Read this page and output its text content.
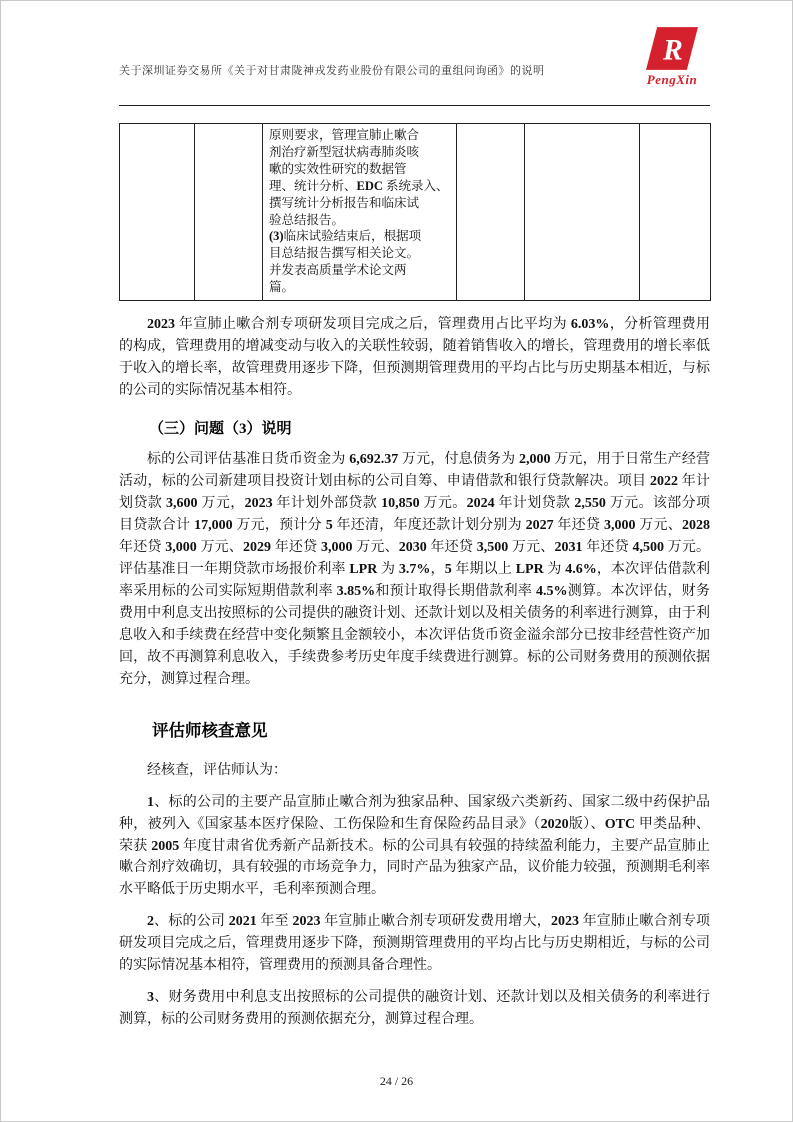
关于深圳证券交易所《关于对甘肃陇神戎发药业股份有限公司的重组问询函》的说明
R
PengXin

原则要求，管理宣肺止嗽合
剂治疗新型冠状病毒肺炎咳
嗽的实效性研究的数据管
理、统计分析、EDC 系统录入、
撰写统计分析报告和临床试
验总结报告。
(3)临床试验结束后，根据项
目总结报告撰写相关论文。
并发表高质量学术论文两
篇。

2023 年宣肺止嗽合剂专项研发项目完成之后，管理费用占比平均为 6.03%，分析管理费用的构成，管理费用的增减变动与收入的关联性较弱，随着销售收入的增长，管理费用的增长率低于收入的增长率，故管理费用逐步下降，但预测期管理费用的平均占比与历史期基本相近，与标的公司的实际情况基本相符。

（三）问题（3）说明

标的公司评估基准日货币资金为 6,692.37 万元，付息债务为 2,000 万元，用于日常生产经营活动，标的公司新建项目投资计划由标的公司自筹、申请借款和银行贷款解决。项目 2022 年计划贷款 3,600 万元，2023 年计划外部贷款 10,850 万元。2024 年计划贷款 2,550 万元。该部分项目贷款合计 17,000 万元，预计分 5 年还清，年度还款计划分别为 2027 年还贷 3,000 万元、2028 年还贷 3,000 万元、2029 年还贷 3,000 万元、2030 年还贷 3,500 万元、2031 年还贷 4,500 万元。评估基准日一年期贷款市场报价利率 LPR 为 3.7%，5 年期以上 LPR 为 4.6%，本次评估借款利率采用标的公司实际短期借款利率 3.85%和预计取得长期借款利率 4.5%测算。本次评估，财务费用中利息支出按照标的公司提供的融资计划、还款计划以及相关债务的利率进行测算，由于利息收入和手续费在经营中变化频繁且金额较小，本次评估货币资金溢余部分已按非经营性资产加回，故不再测算利息收入，手续费参考历史年度手续费进行测算。标的公司财务费用的预测依据充分，测算过程合理。

评估师核查意见

经核查，评估师认为：

1、标的公司的主要产品宣肺止嗽合剂为独家品种、国家级六类新药、国家二级中药保护品种，被列入《国家基本医疗保险、工伤保险和生育保险药品目录》（2020版）、OTC 甲类品种、荣获 2005 年度甘肃省优秀新产品新技术。标的公司具有较强的持续盈利能力，主要产品宣肺止嗽合剂疗效确切，具有较强的市场竞争力，同时产品为独家产品，议价能力较强，预测期毛利率水平略低于历史期水平，毛利率预测合理。

2、标的公司 2021 年至 2023 年宣肺止嗽合剂专项研发费用增大，2023 年宣肺止嗽合剂专项研发项目完成之后，管理费用逐步下降，预测期管理费用的平均占比与历史期相近，与标的公司的实际情况基本相符，管理费用的预测具备合理性。

3、财务费用中利息支出按照标的公司提供的融资计划、还款计划以及相关债务的利率进行测算，标的公司财务费用的预测依据充分，测算过程合理。

24 / 26
